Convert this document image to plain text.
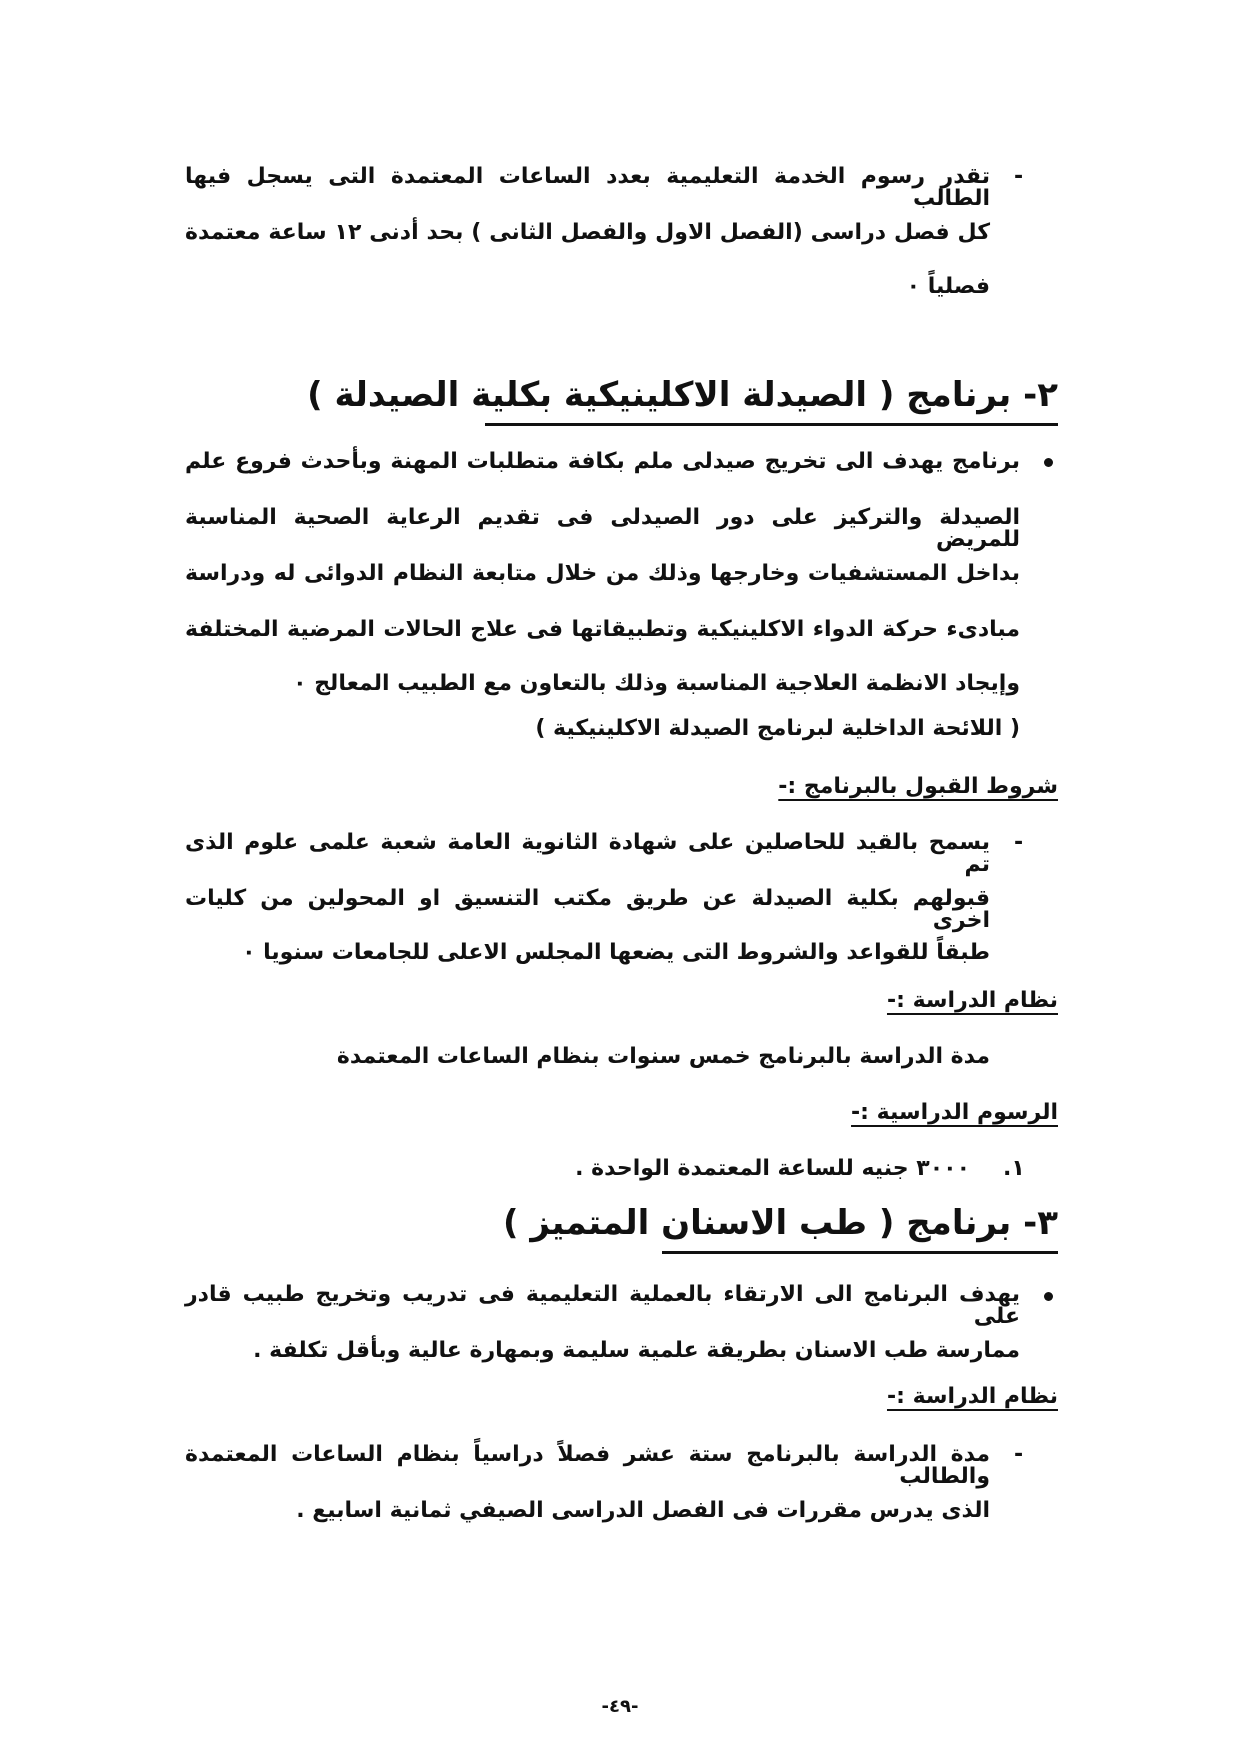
-
تقدر رسوم الخدمة التعليمية بعدد الساعات المعتمدة التى يسجل فيها الطالب
كل فصل دراسى (الفصل الاول والفصل الثانى ) بحد أدنى ١٢ ساعة معتمدة
فصلياً ٠
٢- برنامج ( الصيدلة الاكلينيكية بكلية الصيدلة )
برنامج يهدف الى تخريج صيدلى ملم بكافة متطلبات المهنة وبأحدث فروع علم
الصيدلة والتركيز على دور الصيدلى فى تقديم الرعاية الصحية المناسبة للمريض
بداخل المستشفيات وخارجها وذلك من خلال متابعة النظام الدوائى له ودراسة
مبادىء حركة الدواء الاكلينيكية وتطبيقاتها فى علاج الحالات المرضية المختلفة
وإيجاد الانظمة العلاجية المناسبة وذلك بالتعاون مع الطبيب المعالج ٠
( اللائحة الداخلية لبرنامج الصيدلة الاكلينيكية )
شروط القبول بالبرنامج :-
-
يسمح بالقيد للحاصلين على شهادة الثانوية العامة شعبة علمى علوم الذى تم
قبولهم بكلية الصيدلة عن طريق مكتب التنسيق او المحولين من كليات اخرى
طبقاً للقواعد والشروط التى يضعها المجلس الاعلى للجامعات سنويا ٠
نظام الدراسة :-
مدة الدراسة بالبرنامج خمس سنوات بنظام الساعات المعتمدة
الرسوم الدراسية :-
١.
٣٠٠٠ جنيه للساعة المعتمدة الواحدة .
٣- برنامج ( طب الاسنان المتميز )
يهدف البرنامج الى الارتقاء بالعملية التعليمية فى تدريب وتخريج طبيب قادر على
ممارسة طب الاسنان بطريقة علمية سليمة وبمهارة عالية وبأقل تكلفة .
نظام الدراسة :-
-
مدة الدراسة بالبرنامج ستة عشر فصلاً دراسياً بنظام الساعات المعتمدة والطالب
الذى يدرس مقررات فى الفصل الدراسى الصيفي ثمانية اسابيع .
-٤٩-
